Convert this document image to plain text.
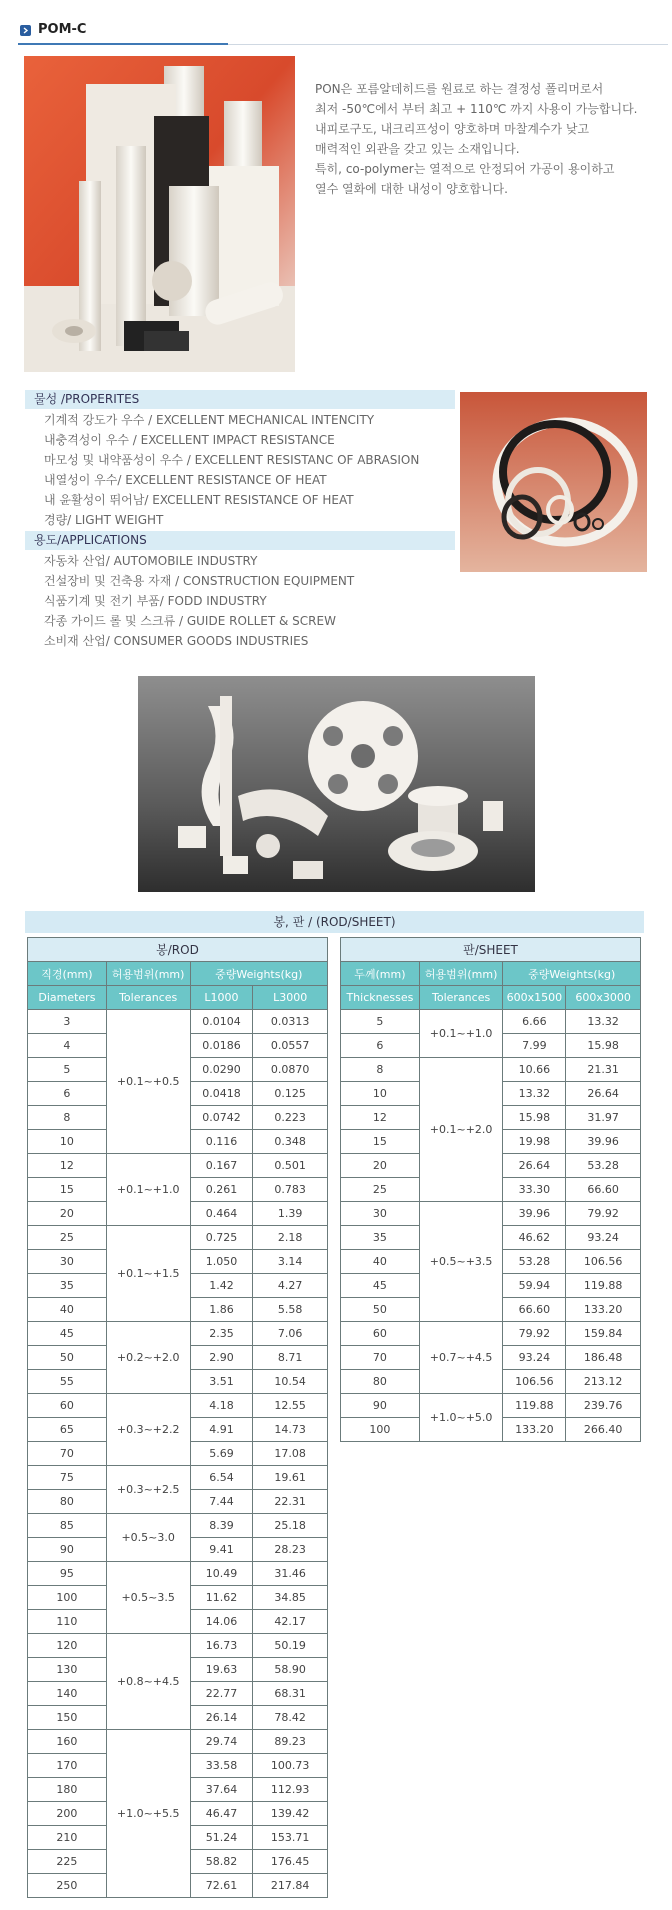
POM-C
PON은 포름알데히드를 원료로 하는 결정성 폴리머로서
최저 -50℃에서 부터 최고 + 110℃ 까지 사용이 가능합니다.
내피로구도, 내크리프성이 양호하며 마찰계수가 낮고
매력적인 외관을 갖고 있는 소재입니다.
특히, co-polymer는 열적으로 안정되어 가공이 용이하고
열수 열화에 대한 내성이 양호합니다.
물성 /PROPERITES
기계적 강도가 우수 / EXCELLENT MECHANICAL INTENCITY
내충격성이 우수 / EXCELLENT IMPACT RESISTANCE
마모성 및 내약품성이 우수 / EXCELLENT RESISTANC OF ABRASION
내열성이 우수/ EXCELLENT RESISTANCE OF HEAT
내 윤활성이 뛰어남/ EXCELLENT RESISTANCE OF HEAT
경량/ LIGHT WEIGHT
용도/APPLICATIONS
자동차 산업/ AUTOMOBILE INDUSTRY
건설장비 및 건축용 자재 / CONSTRUCTION EQUIPMENT
식품기계 및 전기 부품/ FODD INDUSTRY
각종 가이드 롤 및 스크류 / GUIDE ROLLET & SCREW
소비재 산업/ CONSUMER GOODS INDUSTRIES
봉, 판 / (ROD/SHEET)
봉/ROD			
직경(mm)	허용범위(mm)	중량Weights(kg)	
Diameters	Tolerances	L1000	L3000
3	+0.1~+0.5	0.0104	0.0313
4		0.0186	0.0557
5		0.0290	0.0870
6		0.0418	0.125
8		0.0742	0.223
10		0.116	0.348
12	+0.1~+1.0	0.167	0.501
15		0.261	0.783
20		0.464	1.39
25	+0.1~+1.5	0.725	2.18
30		1.050	3.14
35		1.42	4.27
40		1.86	5.58
45	+0.2~+2.0	2.35	7.06
50		2.90	8.71
55		3.51	10.54
60	+0.3~+2.2	4.18	12.55
65		4.91	14.73
70		5.69	17.08
75	+0.3~+2.5	6.54	19.61
80		7.44	22.31
85	+0.5~3.0	8.39	25.18
90		9.41	28.23
95	+0.5~3.5	10.49	31.46
100		11.62	34.85
110		14.06	42.17
120	+0.8~+4.5	16.73	50.19
130		19.63	58.90
140		22.77	68.31
150		26.14	78.42
160	+1.0~+5.5	29.74	89.23
170		33.58	100.73
180		37.64	112.93
200		46.47	139.42
210		51.24	153.71
225		58.82	176.45
250		72.61	217.84
판/SHEET			
두께(mm)	허용범위(mm)	중량Weights(kg)	
Thicknesses	Tolerances	600x1500	600x3000
5	+0.1~+1.0	6.66	13.32
6		7.99	15.98
8	+0.1~+2.0	10.66	21.31
10		13.32	26.64
12		15.98	31.97
15		19.98	39.96
20		26.64	53.28
25		33.30	66.60
30	+0.5~+3.5	39.96	79.92
35		46.62	93.24
40		53.28	106.56
45		59.94	119.88
50		66.60	133.20
60	+0.7~+4.5	79.92	159.84
70		93.24	186.48
80		106.56	213.12
90	+1.0~+5.0	119.88	239.76
100		133.20	266.40
